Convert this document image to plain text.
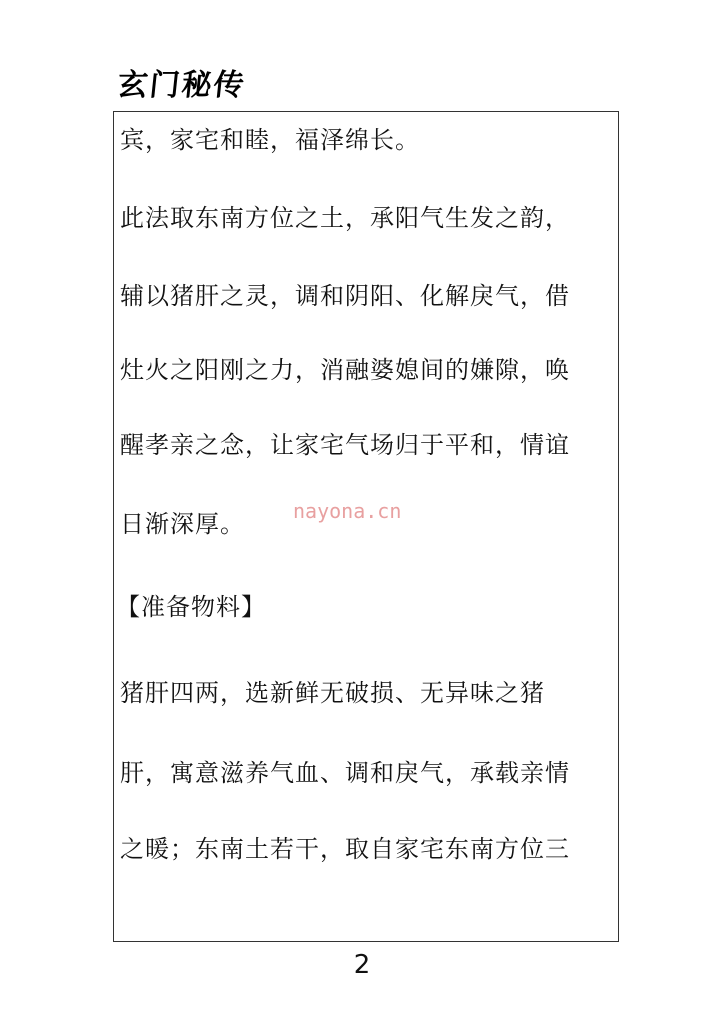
玄门秘传
宾，家宅和睦，福泽绵长。
此法取东南方位之土，承阳气生发之韵，
辅以猪肝之灵，调和阴阳、化解戾气，借
灶火之阳刚之力，消融婆媳间的嫌隙，唤
醒孝亲之念，让家宅气场归于平和，情谊
日渐深厚。
【准备物料】
猪肝四两，选新鲜无破损、无异味之猪
肝，寓意滋养气血、调和戾气，承载亲情
之暖；东南土若干，取自家宅东南方位三
nayona.cn
2
